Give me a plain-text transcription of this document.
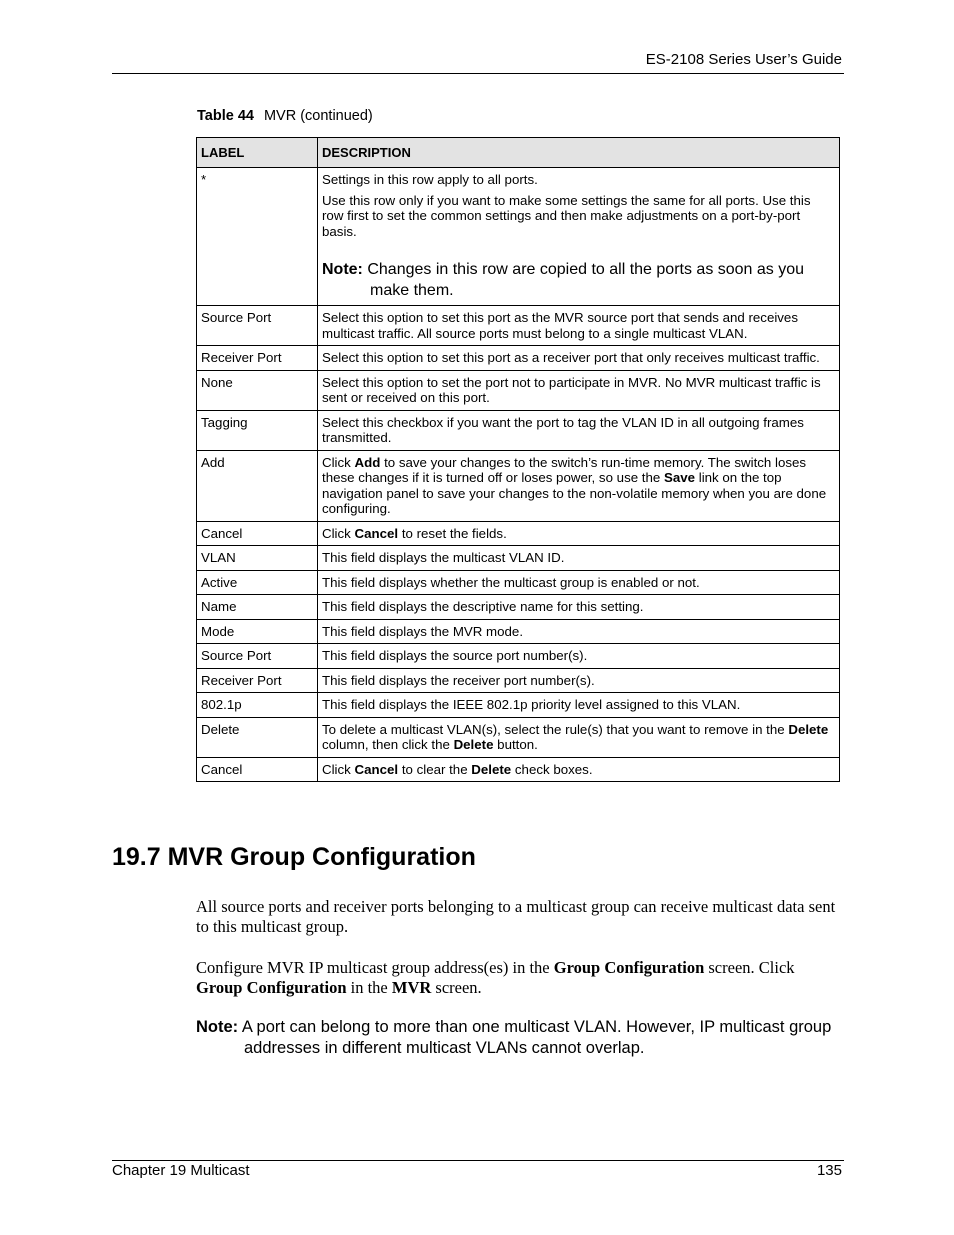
ES-2108 Series User’s Guide
Table 44 MVR (continued)
LABEL	DESCRIPTION
*	Settings in this row apply to all ports.
Use this row only if you want to make some settings the same for all ports. Use this row first to set the common settings and then make adjustments on a port-by-port basis.
Note: Changes in this row are copied to all the ports as soon as you make them.

Source Port	Select this option to set this port as the MVR source port that sends and receives multicast traffic. All source ports must belong to a single multicast VLAN.

Receiver Port	Select this option to set this port as a receiver port that only receives multicast traffic.

None	Select this option to set the port not to participate in MVR. No MVR multicast traffic is sent or received on this port.

Tagging	Select this checkbox if you want the port to tag the VLAN ID in all outgoing frames transmitted.

Add	Click Add to save your changes to the switch’s run-time memory. The switch loses these changes if it is turned off or loses power, so use the Save link on the top navigation panel to save your changes to the non-volatile memory when you are done configuring.

Cancel	Click Cancel to reset the fields.

VLAN	This field displays the multicast VLAN ID.

Active	This field displays whether the multicast group is enabled or not.

Name	This field displays the descriptive name for this setting.

Mode	This field displays the MVR mode.

Source Port	This field displays the source port number(s).

Receiver Port	This field displays the receiver port number(s).

802.1p	This field displays the IEEE 802.1p priority level assigned to this VLAN.

Delete	To delete a multicast VLAN(s), select the rule(s) that you want to remove in the Delete column, then click the Delete button.

Cancel	Click Cancel to clear the Delete check boxes.
19.7 MVR Group Configuration

All source ports and receiver ports belonging to a multicast group can receive multicast data sent to this multicast group.

Configure MVR IP multicast group address(es) in the Group Configuration screen. Click Group Configuration in the MVR screen.

Note: A port can belong to more than one multicast VLAN. However, IP multicast group addresses in different multicast VLANs cannot overlap.

Chapter 19 Multicast	135
